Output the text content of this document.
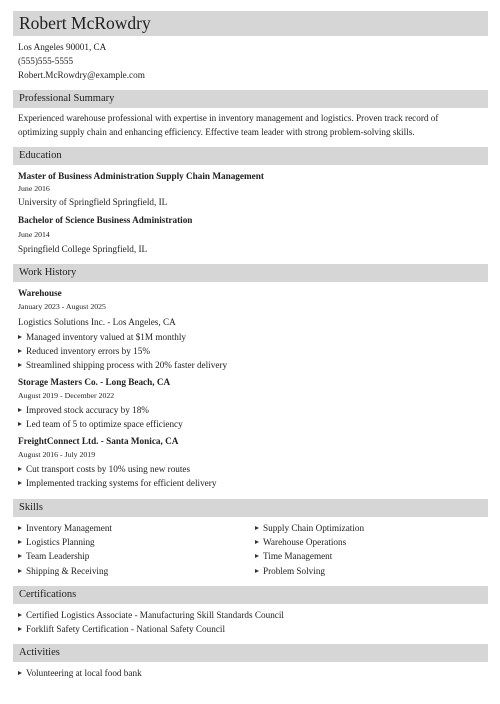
Robert McRowdry
Los Angeles 90001, CA
(555)555-5555
Robert.McRowdry@example.com
Professional Summary
Experienced warehouse professional with expertise in inventory management and logistics. Proven track record of
optimizing supply chain and enhancing efficiency. Effective team leader with strong problem-solving skills.
Education
Master of Business Administration Supply Chain Management
June 2016
University of Springfield Springfield, IL
Bachelor of Science Business Administration
June 2014
Springfield College Springfield, IL
Work History
Warehouse
January 2023 - August 2025
Logistics Solutions Inc. - Los Angeles, CA
Managed inventory valued at $1M monthly
Reduced inventory errors by 15%
Streamlined shipping process with 20% faster delivery
Storage Masters Co. - Long Beach, CA
August 2019 - December 2022
Improved stock accuracy by 18%
Led team of 5 to optimize space efficiency
FreightConnect Ltd. - Santa Monica, CA
August 2016 - July 2019
Cut transport costs by 10% using new routes
Implemented tracking systems for efficient delivery
Skills
Inventory Management
Logistics Planning
Team Leadership
Shipping & Receiving
Supply Chain Optimization
Warehouse Operations
Time Management
Problem Solving
Certifications
Certified Logistics Associate - Manufacturing Skill Standards Council
Forklift Safety Certification - National Safety Council
Activities
Volunteering at local food bank
